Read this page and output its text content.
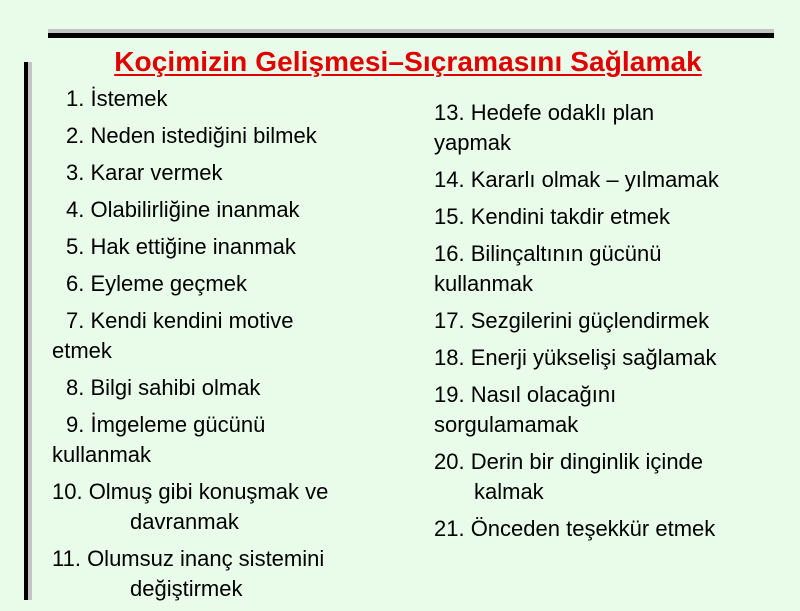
Koçimizin Gelişmesi–Sıçramasını Sağlamak
1. İstemek
2. Neden istediğini bilmek
3. Karar vermek
4. Olabilirliğine inanmak
5. Hak ettiğine inanmak
6. Eyleme geçmek
7. Kendi kendini motive
etmek
8. Bilgi sahibi olmak
9. İmgeleme gücünü
kullanmak
10. Olmuş gibi konuşmak ve
davranmak
11. Olumsuz inanç sistemini
değiştirmek
13. Hedefe odaklı plan
yapmak
14. Kararlı olmak – yılmamak
15. Kendini takdir etmek
16. Bilinçaltının gücünü
kullanmak
17. Sezgilerini güçlendirmek
18. Enerji yükselişi sağlamak
19. Nasıl olacağını
sorgulamamak
20. Derin bir dinginlik içinde
kalmak
21. Önceden teşekkür etmek
